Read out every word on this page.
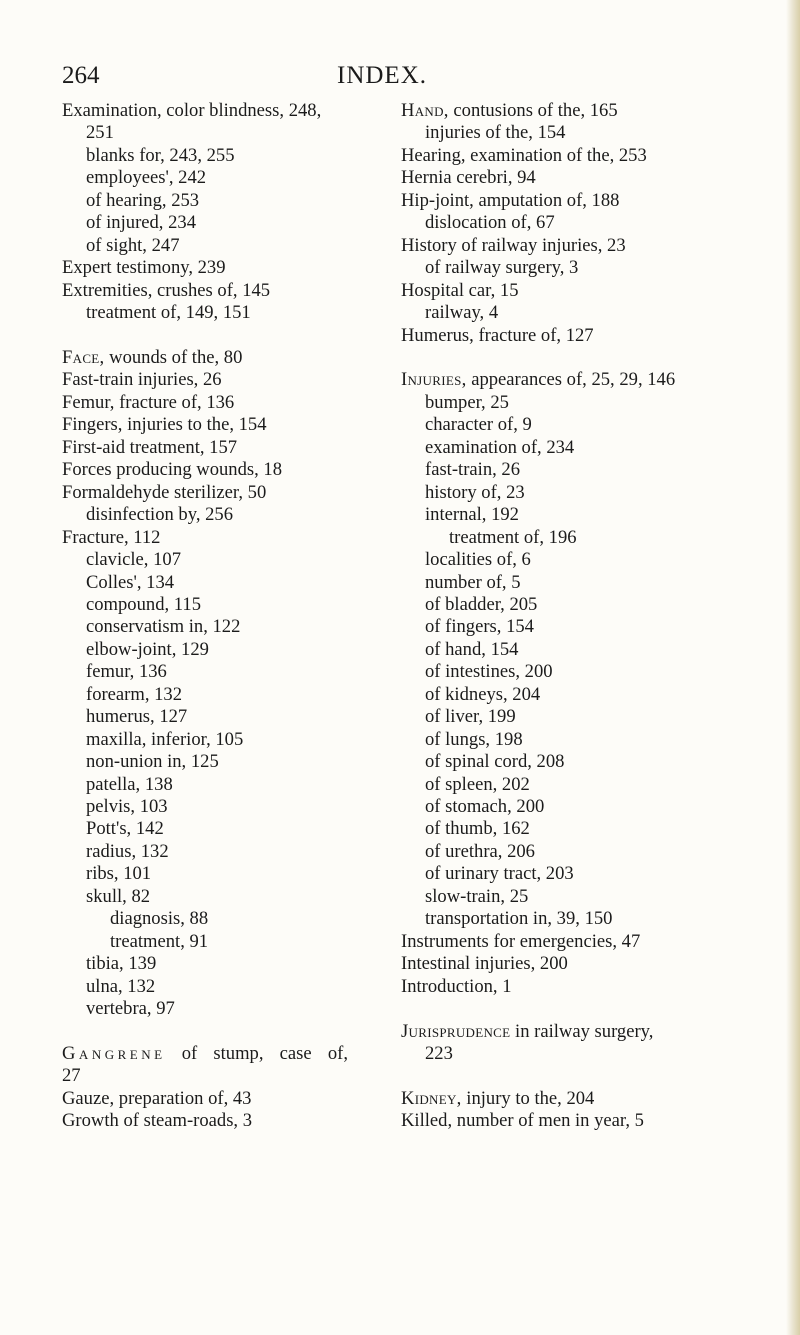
264	INDEX.
Examination, color blindness, 248,
251
blanks for, 243, 255
employees', 242
of hearing, 253
of injured, 234
of sight, 247
Expert testimony, 239
Extremities, crushes of, 145
treatment of, 149, 151
Face, wounds of the, 80
Fast-train injuries, 26
Femur, fracture of, 136
Fingers, injuries to the, 154
First-aid treatment, 157
Forces producing wounds, 18
Formaldehyde sterilizer, 50
disinfection by, 256
Fracture, 112
clavicle, 107
Colles', 134
compound, 115
conservatism in, 122
elbow-joint, 129
femur, 136
forearm, 132
humerus, 127
maxilla, inferior, 105
non-union in, 125
patella, 138
pelvis, 103
Pott's, 142
radius, 132
ribs, 101
skull, 82
diagnosis, 88
treatment, 91
tibia, 139
ulna, 132
vertebra, 97
Gangrene of stump, case of,
27
Gauze, preparation of, 43
Growth of steam-roads, 3
Hand, contusions of the, 165
injuries of the, 154
Hearing, examination of the, 253
Hernia cerebri, 94
Hip-joint, amputation of, 188
dislocation of, 67
History of railway injuries, 23
of railway surgery, 3
Hospital car, 15
railway, 4
Humerus, fracture of, 127
Injuries, appearances of, 25, 29, 146
bumper, 25
character of, 9
examination of, 234
fast-train, 26
history of, 23
internal, 192
treatment of, 196
localities of, 6
number of, 5
of bladder, 205
of fingers, 154
of hand, 154
of intestines, 200
of kidneys, 204
of liver, 199
of lungs, 198
of spinal cord, 208
of spleen, 202
of stomach, 200
of thumb, 162
of urethra, 206
of urinary tract, 203
slow-train, 25
transportation in, 39, 150
Instruments for emergencies, 47
Intestinal injuries, 200
Introduction, 1
Jurisprudence in railway surgery,
223
Kidney, injury to the, 204
Killed, number of men in year, 5
